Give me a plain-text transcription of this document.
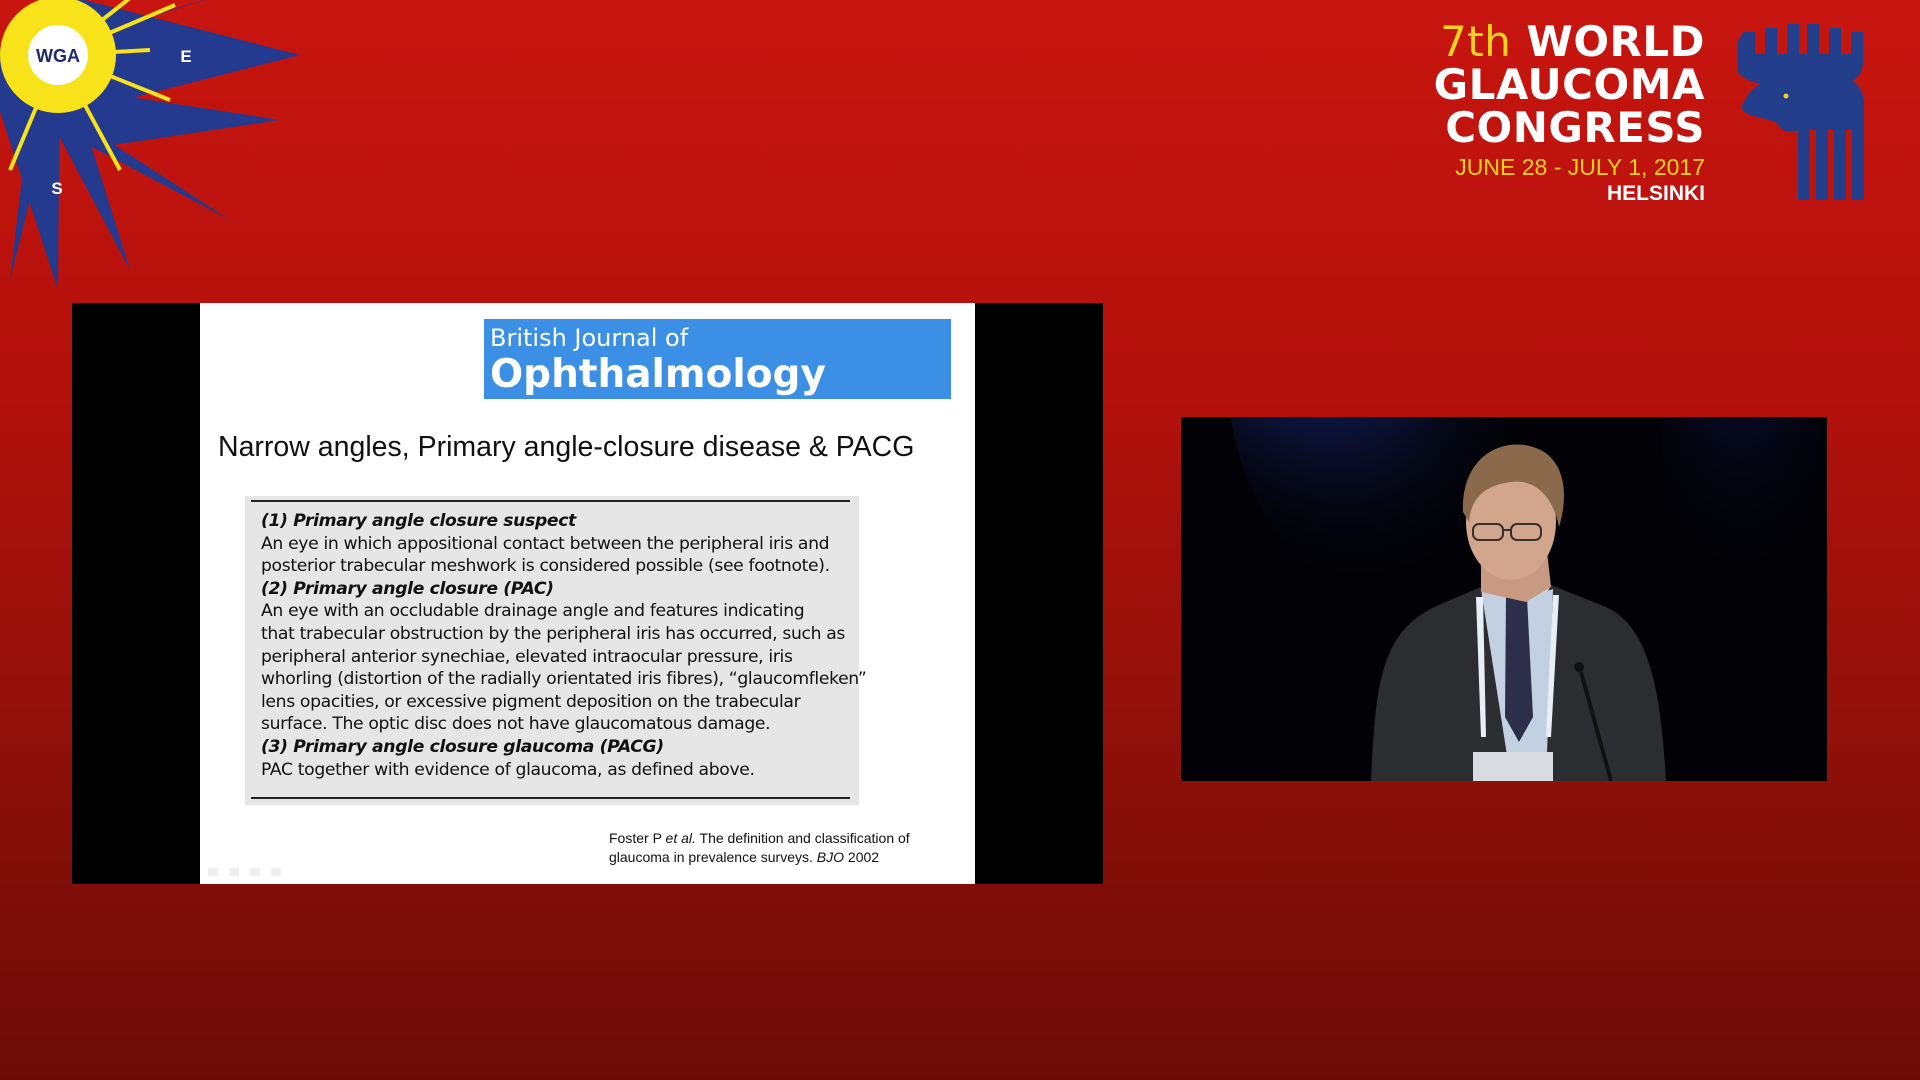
WGA	E
S
7th WORLD
GLAUCOMA
CONGRESS
JUNE 28 - JULY 1, 2017
HELSINKI
British Journal of
Ophthalmology
Narrow angles, Primary angle-closure disease & PACG
(1) Primary angle closure suspect
An eye in which appositional contact between the peripheral iris and
posterior trabecular meshwork is considered possible (see footnote).
(2) Primary angle closure (PAC)
An eye with an occludable drainage angle and features indicating
that trabecular obstruction by the peripheral iris has occurred, such as
peripheral anterior synechiae, elevated intraocular pressure, iris
whorling (distortion of the radially orientated iris fibres), “glaucomfleken”
lens opacities, or excessive pigment deposition on the trabecular
surface. The optic disc does not have glaucomatous damage.
(3) Primary angle closure glaucoma (PACG)
PAC together with evidence of glaucoma, as defined above.
Foster P et al. The definition and classification of
glaucoma in prevalence surveys. BJO 2002
